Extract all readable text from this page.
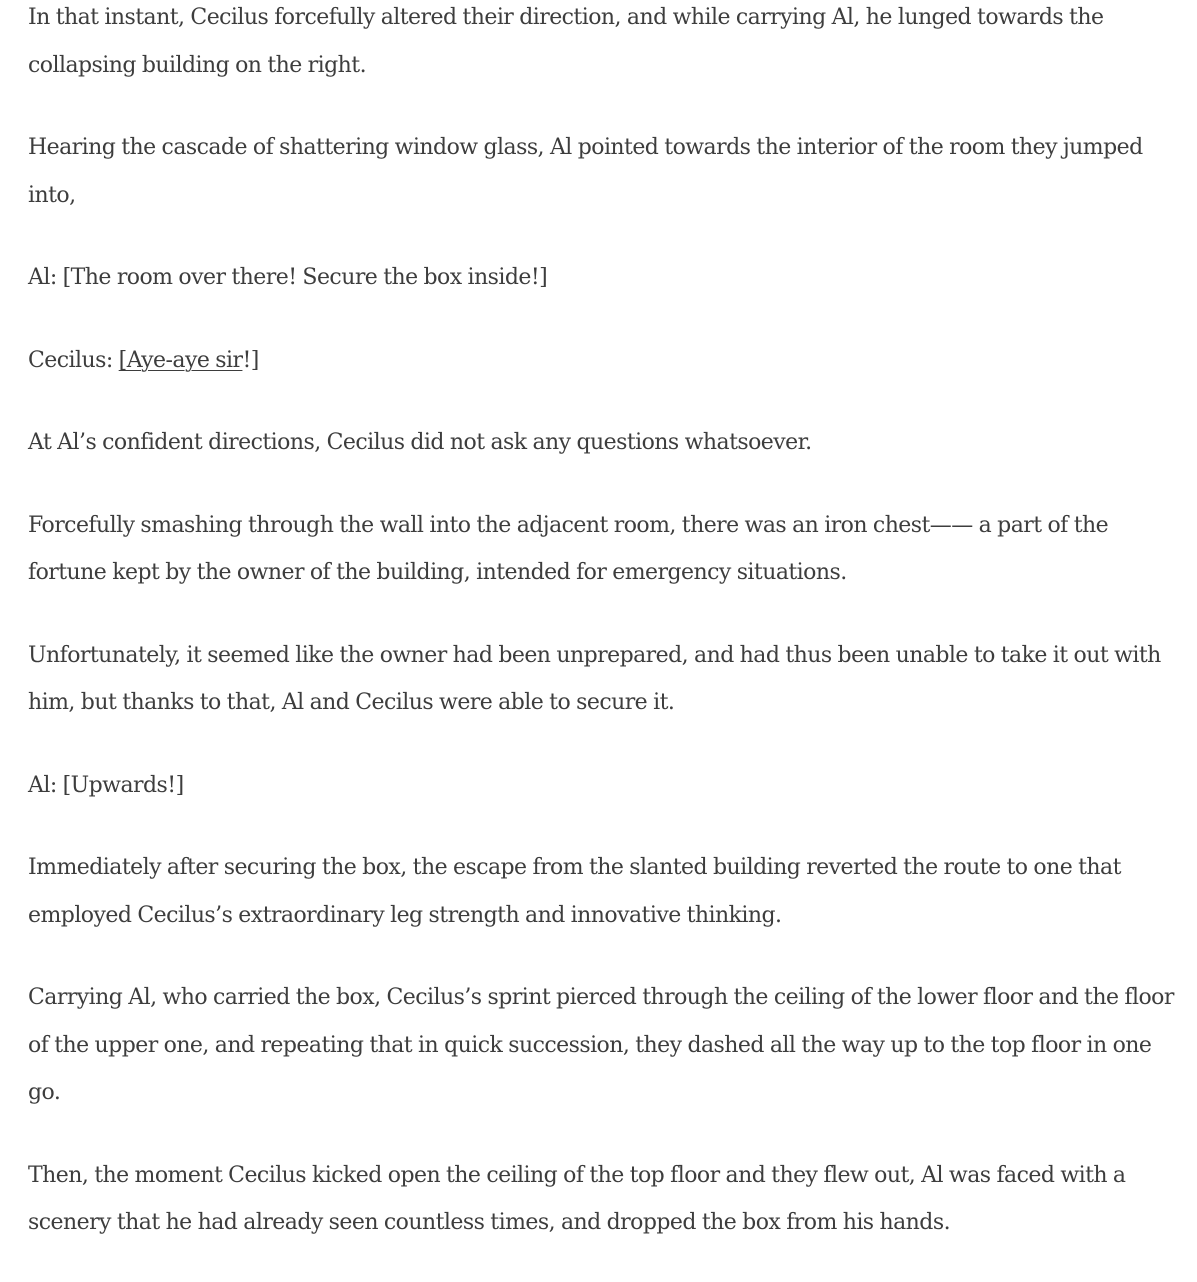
In that instant, Cecilus forcefully altered their direction, and while carrying Al, he lunged towards the collapsing building on the right.

Hearing the cascade of shattering window glass, Al pointed towards the interior of the room they jumped into,

Al: [The room over there! Secure the box inside!]

Cecilus: [Aye-aye sir!]

At Al’s confident directions, Cecilus did not ask any questions whatsoever.

Forcefully smashing through the wall into the adjacent room, there was an iron chest—— a part of the fortune kept by the owner of the building, intended for emergency situations.

Unfortunately, it seemed like the owner had been unprepared, and had thus been unable to take it out with him, but thanks to that, Al and Cecilus were able to secure it.

Al: [Upwards!]

Immediately after securing the box, the escape from the slanted building reverted the route to one that employed Cecilus’s extraordinary leg strength and innovative thinking.

Carrying Al, who carried the box, Cecilus’s sprint pierced through the ceiling of the lower floor and the floor of the upper one, and repeating that in quick succession, they dashed all the way up to the top floor in one go.

Then, the moment Cecilus kicked open the ceiling of the top floor and they flew out, Al was faced with a scenery that he had already seen countless times, and dropped the box from his hands.
